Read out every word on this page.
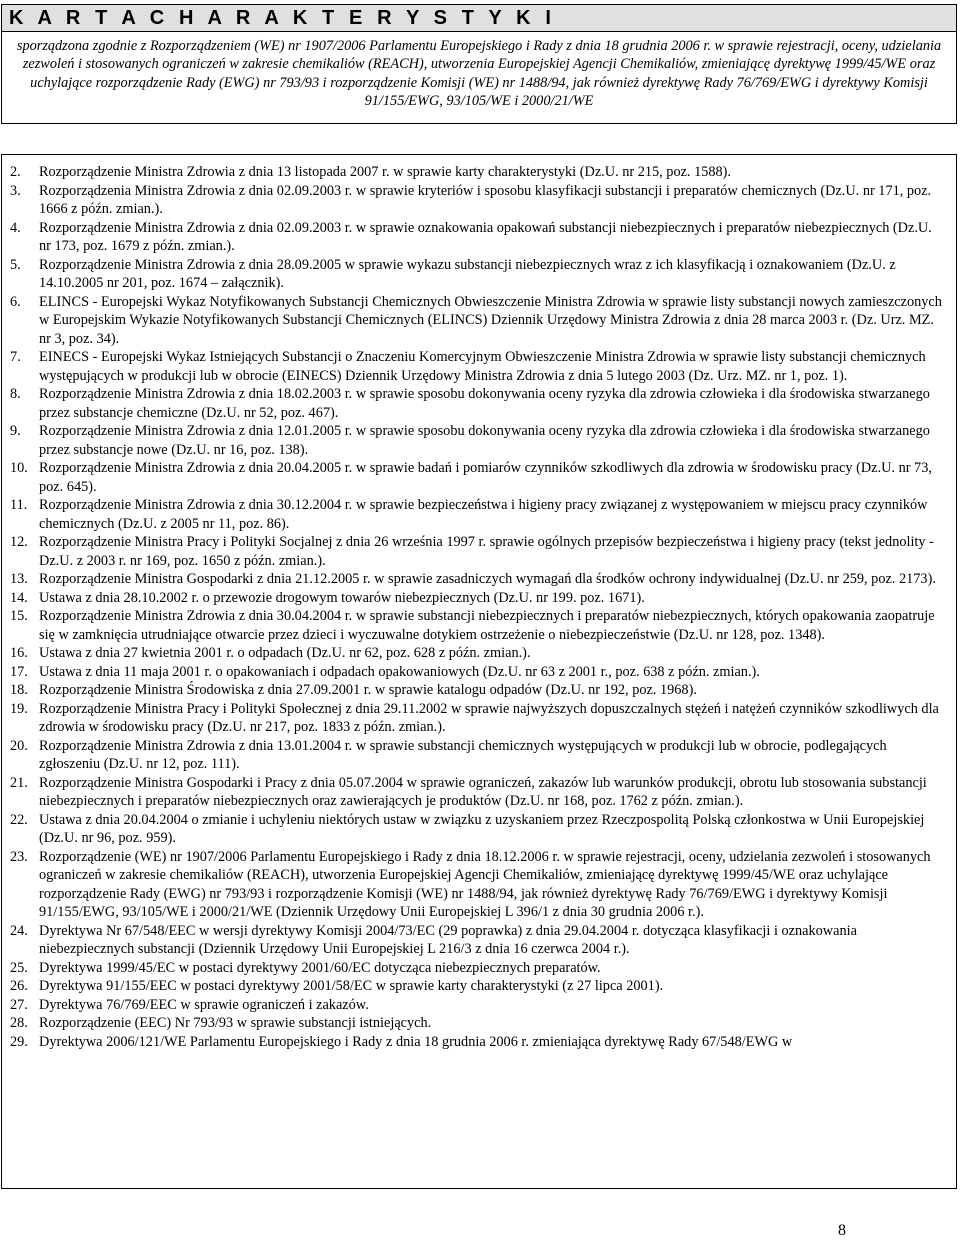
K A R T A C H A R A K T E R Y S T Y K I
sporządzona zgodnie z Rozporządzeniem (WE) nr 1907/2006 Parlamentu Europejskiego i Rady z dnia 18 grudnia 2006 r. w sprawie rejestracji, oceny, udzielania zezwoleń i stosowanych ograniczeń w zakresie chemikaliów (REACH), utworzenia Europejskiej Agencji Chemikaliów, zmieniającę dyrektywę 1999/45/WE oraz uchylające rozporządzenie Rady (EWG) nr 793/93 i rozporządzenie Komisji (WE) nr 1488/94, jak również dyrektywę Rady 76/769/EWG i dyrektywy Komisji 91/155/EWG, 93/105/WE i 2000/21/WE
2.	Rozporządzenie Ministra Zdrowia z dnia 13 listopada 2007 r. w sprawie karty charakterystyki (Dz.U. nr 215, poz. 1588).
3.	Rozporządzenia Ministra Zdrowia z dnia 02.09.2003 r. w sprawie kryteriów i sposobu klasyfikacji substancji i preparatów chemicznych (Dz.U. nr 171, poz. 1666 z późn. zmian.).
4.	Rozporządzenie Ministra Zdrowia z dnia 02.09.2003 r. w sprawie oznakowania opakowań substancji niebezpiecznych i preparatów niebezpiecznych (Dz.U. nr 173, poz. 1679 z późn. zmian.).
5.	Rozporządzenie Ministra Zdrowia z dnia 28.09.2005 w sprawie wykazu substancji niebezpiecznych wraz z ich klasyfikacją i oznakowaniem (Dz.U. z 14.10.2005 nr 201, poz. 1674 – załącznik).
6.	ELINCS - Europejski Wykaz Notyfikowanych Substancji Chemicznych Obwieszczenie Ministra Zdrowia w sprawie listy substancji nowych zamieszczonych w Europejskim Wykazie Notyfikowanych Substancji Chemicznych (ELINCS) Dziennik Urzędowy Ministra Zdrowia z dnia 28 marca 2003 r. (Dz. Urz. MZ. nr 3, poz. 34).
7.	EINECS - Europejski Wykaz Istniejących Substancji o Znaczeniu Komercyjnym Obwieszczenie Ministra Zdrowia w sprawie listy substancji chemicznych występujących w produkcji lub w obrocie (EINECS) Dziennik Urzędowy Ministra Zdrowia z dnia 5 lutego 2003 (Dz. Urz. MZ. nr 1, poz. 1).
8.	Rozporządzenie Ministra Zdrowia z dnia 18.02.2003 r. w sprawie sposobu dokonywania oceny ryzyka dla zdrowia człowieka i dla środowiska stwarzanego przez substancje chemiczne (Dz.U. nr 52, poz. 467).
9.	Rozporządzenie Ministra Zdrowia z dnia 12.01.2005 r. w sprawie sposobu dokonywania oceny ryzyka dla zdrowia człowieka i dla środowiska stwarzanego przez substancje nowe (Dz.U. nr 16, poz. 138).
10. Rozporządzenie Ministra Zdrowia z dnia 20.04.2005 r. w sprawie badań i pomiarów czynników szkodliwych dla zdrowia w środowisku pracy (Dz.U. nr 73, poz. 645).
11. Rozporządzenie Ministra Zdrowia z dnia 30.12.2004 r. w sprawie bezpieczeństwa i higieny pracy związanej z występowaniem w miejscu pracy czynników chemicznych (Dz.U. z 2005 nr 11, poz. 86).
12. Rozporządzenie Ministra Pracy i Polityki Socjalnej z dnia 26 września 1997 r. sprawie ogólnych przepisów bezpieczeństwa i higieny pracy (tekst jednolity - Dz.U. z 2003 r. nr 169, poz. 1650 z późn. zmian.).
13. Rozporządzenie Ministra Gospodarki z dnia 21.12.2005 r. w sprawie zasadniczych wymagań dla środków ochrony indywidualnej (Dz.U. nr 259, poz. 2173).
14. Ustawa z dnia 28.10.2002 r. o przewozie drogowym towarów niebezpiecznych (Dz.U. nr 199. poz. 1671).
15. Rozporządzenie Ministra Zdrowia z dnia 30.04.2004 r. w sprawie substancji niebezpiecznych i preparatów niebezpiecznych, których opakowania zaopatruje się w zamknięcia utrudniające otwarcie przez dzieci i wyczuwalne dotykiem ostrzeżenie o niebezpieczeństwie (Dz.U. nr 128, poz. 1348).
16. Ustawa z dnia 27 kwietnia 2001 r. o odpadach (Dz.U. nr 62, poz. 628 z późn. zmian.).
17. Ustawa z dnia 11 maja 2001 r. o opakowaniach i odpadach opakowaniowych (Dz.U. nr 63 z 2001 r., poz. 638 z późn. zmian.).
18. Rozporządzenie Ministra Środowiska z dnia 27.09.2001 r. w sprawie katalogu odpadów (Dz.U. nr 192, poz. 1968).
19. Rozporządzenie Ministra Pracy i Polityki Społecznej z dnia 29.11.2002 w sprawie najwyższych dopuszczalnych stężeń i natężeń czynników szkodliwych dla zdrowia w środowisku pracy (Dz.U. nr 217, poz. 1833 z późn. zmian.).
20. Rozporządzenie Ministra Zdrowia z dnia 13.01.2004 r. w sprawie substancji chemicznych występujących w produkcji lub w obrocie, podlegających zgłoszeniu (Dz.U. nr 12, poz. 111).
21. Rozporządzenie Ministra Gospodarki i Pracy z dnia 05.07.2004 w sprawie ograniczeń, zakazów lub warunków produkcji, obrotu lub stosowania substancji niebezpiecznych i preparatów niebezpiecznych oraz zawierających je produktów (Dz.U. nr 168, poz. 1762 z późn. zmian.).
22. Ustawa z dnia 20.04.2004 o zmianie i uchyleniu niektórych ustaw w związku z uzyskaniem przez Rzeczpospolitą Polską członkostwa w Unii Europejskiej (Dz.U. nr 96, poz. 959).
23. Rozporządzenie (WE) nr 1907/2006 Parlamentu Europejskiego i Rady z dnia 18.12.2006 r. w sprawie rejestracji, oceny, udzielania zezwoleń i stosowanych ograniczeń w zakresie chemikaliów (REACH), utworzenia Europejskiej Agencji Chemikaliów, zmieniającę dyrektywę 1999/45/WE oraz uchylające rozporządzenie Rady (EWG) nr 793/93 i rozporządzenie Komisji (WE) nr 1488/94, jak również dyrektywę Rady 76/769/EWG i dyrektywy Komisji 91/155/EWG, 93/105/WE i 2000/21/WE (Dziennik Urzędowy Unii Europejskiej L 396/1 z dnia 30 grudnia 2006 r.).
24. Dyrektywa Nr 67/548/EEC w wersji dyrektywy Komisji 2004/73/EC (29 poprawka) z dnia 29.04.2004 r. dotycząca klasyfikacji i oznakowania niebezpiecznych substancji (Dziennik Urzędowy Unii Europejskiej L 216/3 z dnia 16 czerwca 2004 r.).
25. Dyrektywa 1999/45/EC w postaci dyrektywy 2001/60/EC dotycząca niebezpiecznych preparatów.
26. Dyrektywa 91/155/EEC w postaci dyrektywy 2001/58/EC w sprawie karty charakterystyki (z 27 lipca 2001).
27. Dyrektywa 76/769/EEC w sprawie ograniczeń i zakazów.
28. Rozporządzenie (EEC) Nr 793/93 w sprawie substancji istniejących.
29. Dyrektywa 2006/121/WE Parlamentu Europejskiego i Rady z dnia 18 grudnia 2006 r. zmieniająca dyrektywę Rady 67/548/EWG w
8
